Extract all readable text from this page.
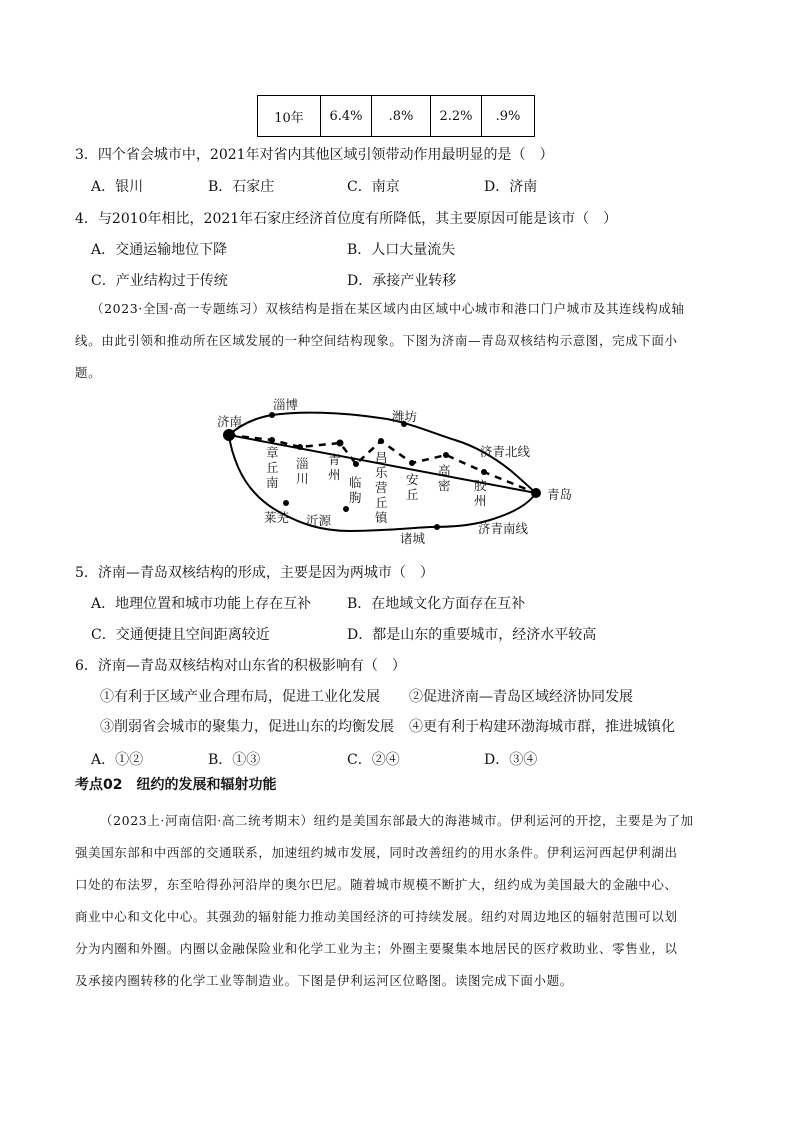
10年	6.4%	.8%	2.2%	.9%
3．四个省会城市中，2021年对省内其他区域引领带动作用最明显的是（　）
A．银川	B．石家庄	C．南京	D．济南
4．与2010年相比，2021年石家庄经济首位度有所降低，其主要原因可能是该市（　）
A．交通运输地位下降	B．人口大量流失
C．产业结构过于传统	D．承接产业转移
（2023·全国·高一专题练习）双核结构是指在某区域内由区域中心城市和港口门户城市及其连线构成轴
线。由此引领和推动所在区域发展的一种空间结构现象。下图为济南—青岛双核结构示意图，完成下面小
题。
济南
淄博
潍坊
济青北线
青岛
莱芜 沂源
诸城
济青南线
章 丘 南
淄 川
青 州
临 朐
昌 乐 营 丘 镇
安 丘
高 密	胶 州
5．济南—青岛双核结构的形成，主要是因为两城市（　）
A．地理位置和城市功能上存在互补	B．在地域文化方面存在互补
C．交通便捷且空间距离较近	D．都是山东的重要城市，经济水平较高
6．济南—青岛双核结构对山东省的积极影响有（　）
①有利于区域产业合理布局，促进工业化发展 ②促进济南—青岛区域经济协同发展
③削弱省会城市的聚集力，促进山东的均衡发展 ④更有利于构建环渤海城市群，推进城镇化
A．①②	B．①③	C．②④	D．③④
考点02　纽约的发展和辐射功能
（2023上·河南信阳·高二统考期末）纽约是美国东部最大的海港城市。伊利运河的开挖，主要是为了加
强美国东部和中西部的交通联系，加速纽约城市发展，同时改善纽约的用水条件。伊利运河西起伊利湖出
口处的布法罗，东至哈得孙河沿岸的奥尔巴尼。随着城市规模不断扩大，纽约成为美国最大的金融中心、
商业中心和文化中心。其强劲的辐射能力推动美国经济的可持续发展。纽约对周边地区的辐射范围可以划
分为内圈和外圈。内圈以金融保险业和化学工业为主；外圈主要聚集本地居民的医疗救助业、零售业，以
及承接内圈转移的化学工业等制造业。下图是伊利运河区位略图。读图完成下面小题。
